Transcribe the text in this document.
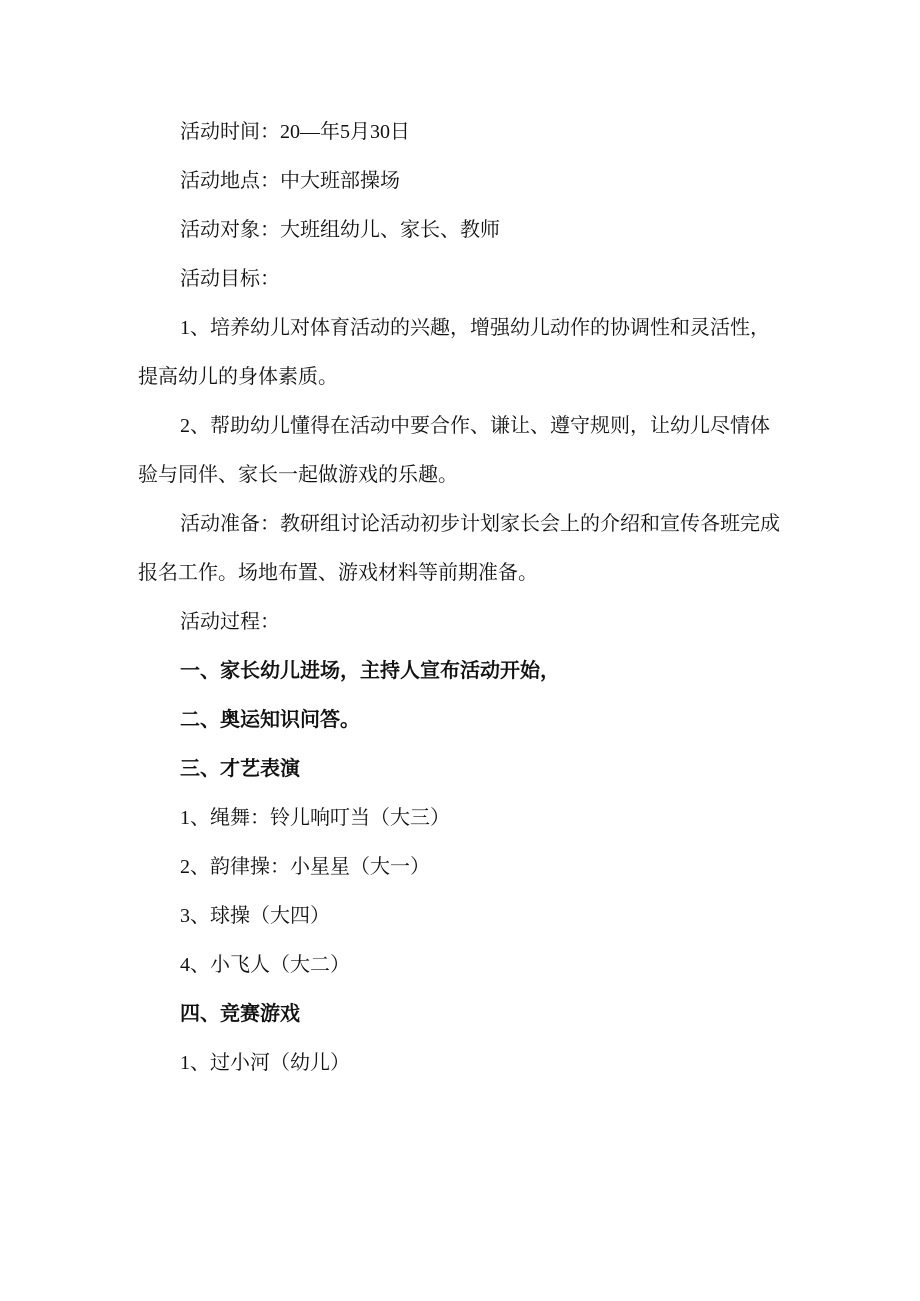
活动时间：20—年5月30日
活动地点：中大班部操场
活动对象：大班组幼儿、家长、教师
活动目标：
1、培养幼儿对体育活动的兴趣，增强幼儿动作的协调性和灵活性，
提高幼儿的身体素质。
2、帮助幼儿懂得在活动中要合作、谦让、遵守规则，让幼儿尽情体
验与同伴、家长一起做游戏的乐趣。
活动准备：教研组讨论活动初步计划家长会上的介绍和宣传各班完成
报名工作。场地布置、游戏材料等前期准备。
活动过程：
一、家长幼儿进场，主持人宣布活动开始，
二、奥运知识问答。
三、才艺表演
1、绳舞：铃儿响叮当（大三）
2、韵律操：小星星（大一）
3、球操（大四）
4、小飞人（大二）
四、竞赛游戏
1、过小河（幼儿）
